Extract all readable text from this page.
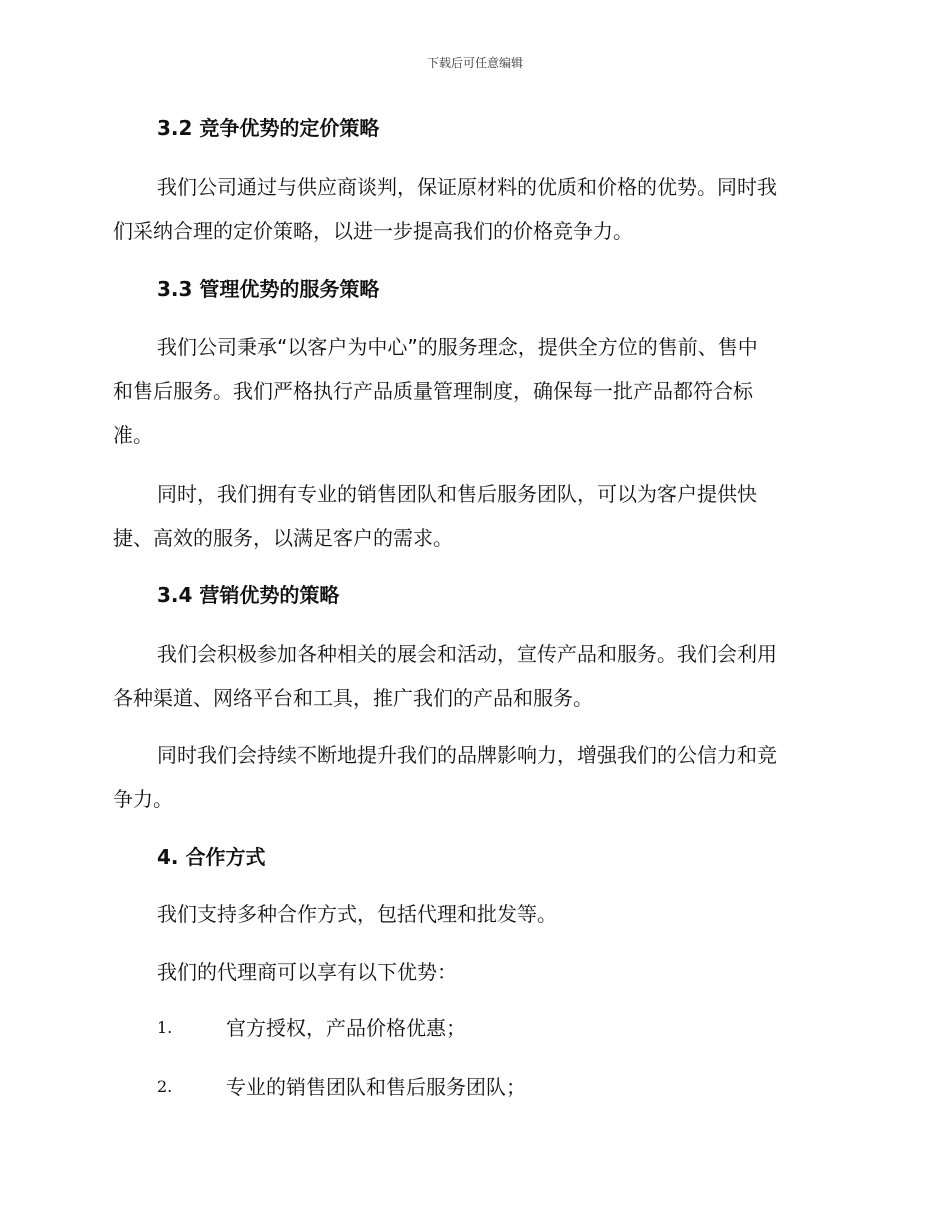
下载后可任意编辑
3.2 竞争优势的定价策略
我们公司通过与供应商谈判，保证原材料的优质和价格的优势。同时我
们采纳合理的定价策略，以进一步提高我们的价格竞争力。
3.3 管理优势的服务策略
我们公司秉承“以客户为中心”的服务理念，提供全方位的售前、售中
和售后服务。我们严格执行产品质量管理制度，确保每一批产品都符合标
准。
同时，我们拥有专业的销售团队和售后服务团队，可以为客户提供快
捷、高效的服务，以满足客户的需求。
3.4 营销优势的策略
我们会积极参加各种相关的展会和活动，宣传产品和服务。我们会利用
各种渠道、网络平台和工具，推广我们的产品和服务。
同时我们会持续不断地提升我们的品牌影响力，增强我们的公信力和竞
争力。
4. 合作方式
我们支持多种合作方式，包括代理和批发等。
我们的代理商可以享有以下优势：
1.	官方授权，产品价格优惠；
2.	专业的销售团队和售后服务团队；
